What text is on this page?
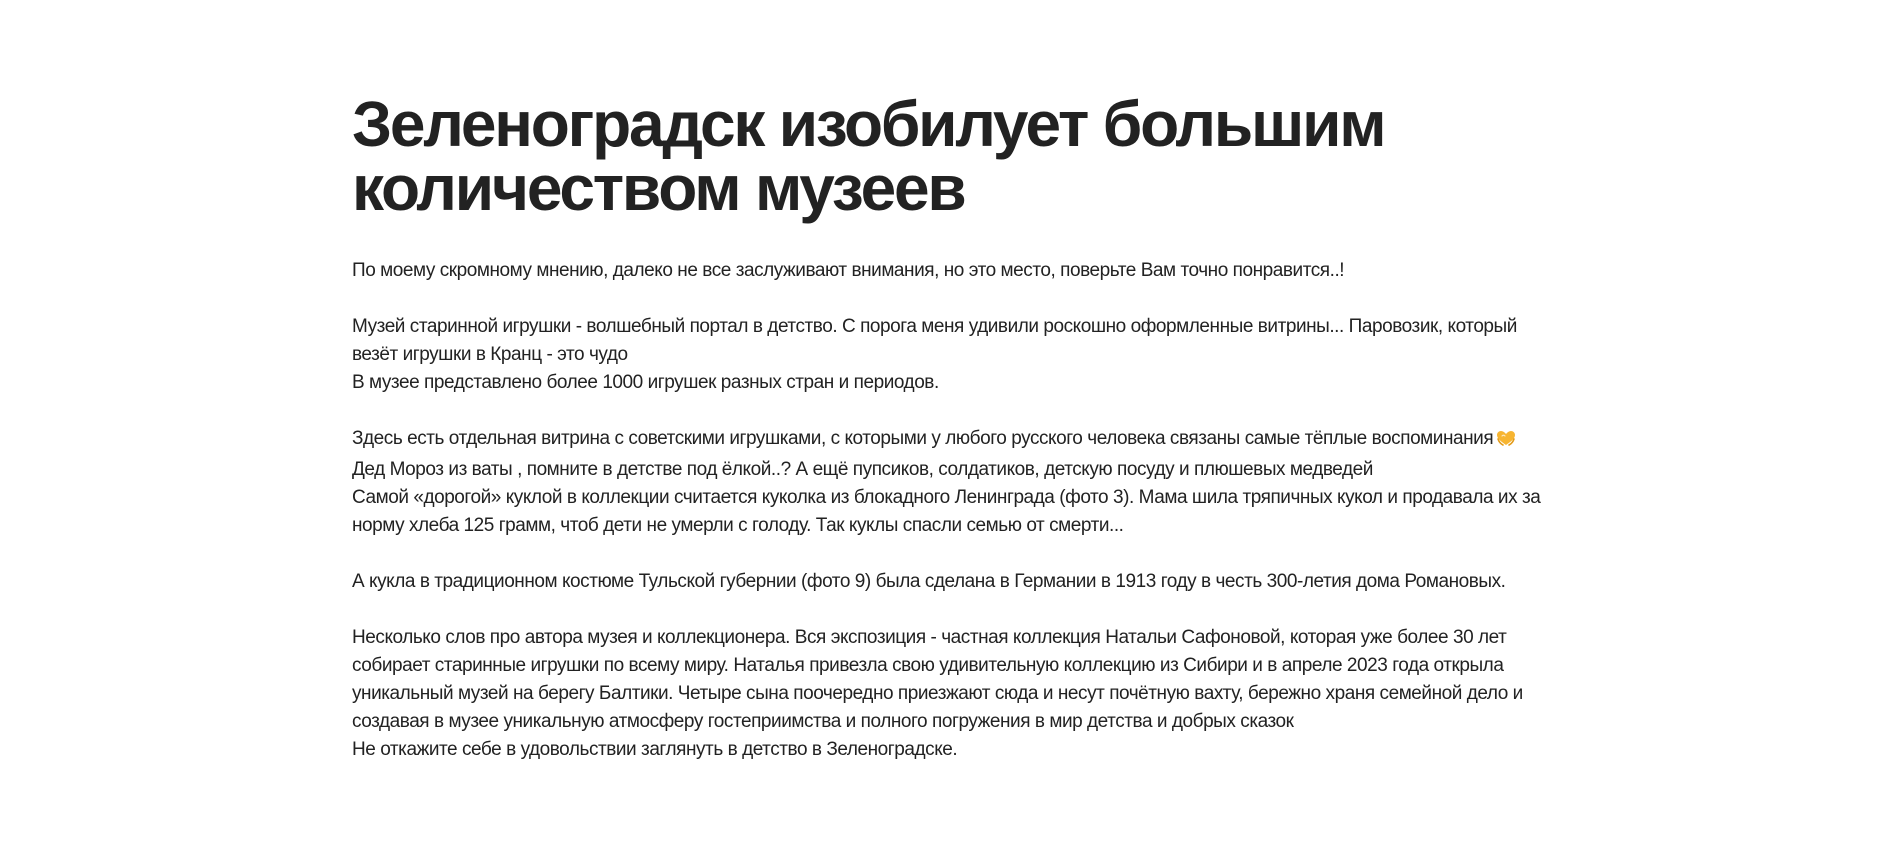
Зеленоградск изобилует большим
количеством музеев

По моему скромному мнению, далеко не все заслуживают внимания, но это место, поверьте Вам точно понравится..!

Музей старинной игрушки - волшебный портал в детство. С порога меня удивили роскошно оформленные витрины... Паровозик, который
везёт игрушки в Кранц - это чудо
В музее представлено более 1000 игрушек разных стран и периодов.

Здесь есть отдельная витрина с советскими игрушками, с которыми у любого русского человека связаны самые тёплые воспоминания
Дед Мороз из ваты , помните в детстве под ёлкой..? А ещё пупсиков, солдатиков, детскую посуду и плюшевых медведей
Самой «дорогой» куклой в коллекции считается куколка из блокадного Ленинграда (фото 3). Мама шила тряпичных кукол и продавала их за
норму хлеба 125 грамм, чтоб дети не умерли с голоду. Так куклы спасли семью от смерти...

А кукла в традиционном костюме Тульской губернии (фото 9) была сделана в Германии в 1913 году в честь 300-летия дома Романовых.

Несколько слов про автора музея и коллекционера. Вся экспозиция - частная коллекция Натальи Сафоновой, которая уже более 30 лет
собирает старинные игрушки по всему миру. Наталья привезла свою удивительную коллекцию из Сибири и в апреле 2023 года открыла
уникальный музей на берегу Балтики. Четыре сына поочередно приезжают сюда и несут почётную вахту, бережно храня семейной дело и
создавая в музее уникальную атмосферу гостеприимства и полного погружения в мир детства и добрых сказок
Не откажите себе в удовольствии заглянуть в детство в Зеленоградске.
